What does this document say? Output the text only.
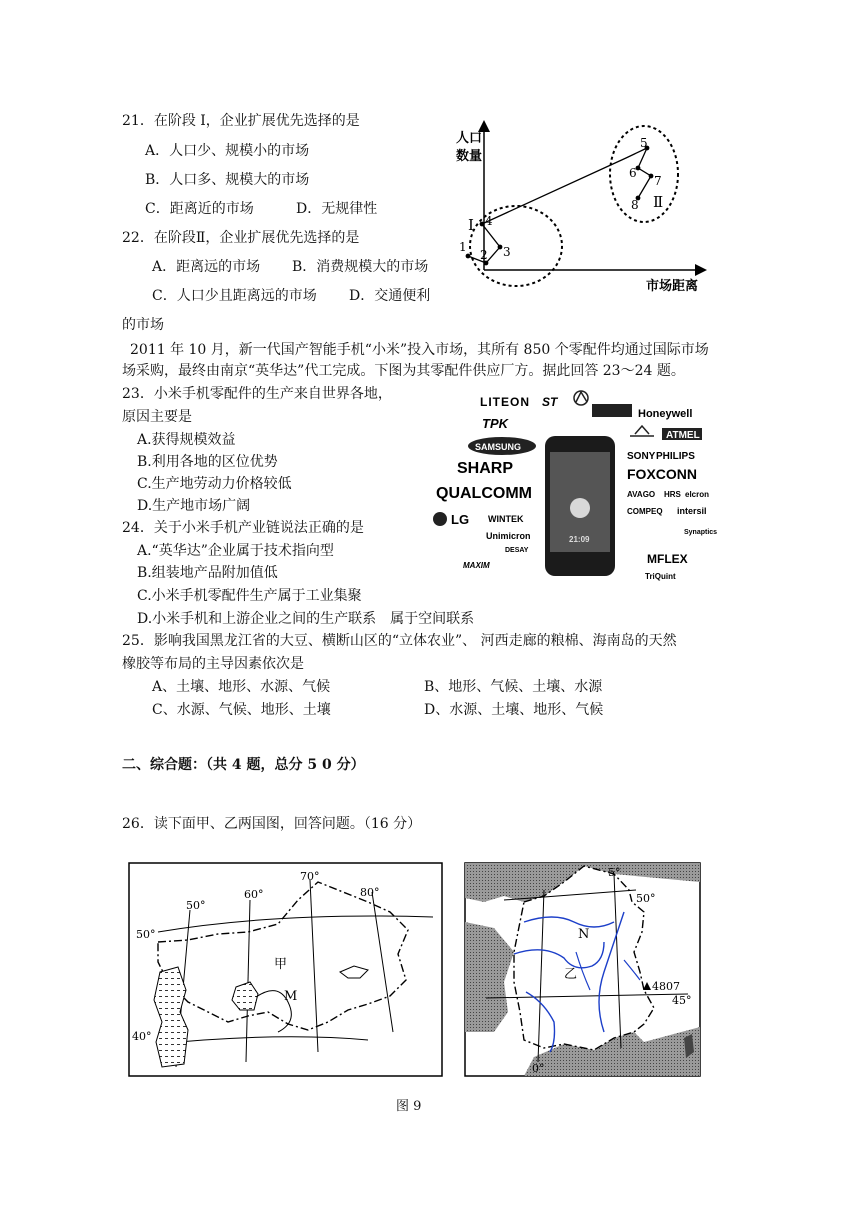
21．在阶段 I，企业扩展优先选择的是
A．人口少、规模小的市场
B．人口多、规模大的市场
C．距离近的市场	D．无规律性
22．在阶段Ⅱ，企业扩展优先选择的是
A．距离远的市场 B．消费规模大的市场
C．人口少且距离远的市场 D．交通便利
的市场
人口
数量
市场距离
1
2 3
4
5
6
7
8
I
Ⅱ
2011 年 10 月，新一代国产智能手机“小米”投入市场，其所有 850 个零配件均通过国际市场
场采购，最终由南京“英华达”代工完成。下图为其零配件供应厂方。据此回答 23～24 题。
23．小米手机零配件的生产来自世界各地，
原因主要是
A.获得规模效益
B.利用各地的区位优势
C.生产地劳动力价格较低
D.生产地市场广阔
24．关于小米手机产业链说法正确的是
A.“英华达”企业属于技术指向型
B.组装地产品附加值低
C.小米手机零配件生产属于工业集聚
D.小米手机和上游企业之间的生产联系　属于空间联系
LITEON ST
Honeywell
TPK
ATMEL
SAMSUNG
SONY PHILIPS
SHARP	FOXCONN
QUALCOMM	AVAGO HRS elcron
COMPEQ intersil
21:09
LG WINTEK
Unimicron	Synaptics
DESAY
MAXIM	MFLEX
TriQuint
25．影响我国黑龙江省的大豆、横断山区的“立体农业”、 河西走廊的粮棉、海南岛的天然
橡胶等布局的主导因素依次是
A、土壤、地形、水源、气候	B、地形、气候、土壤、水源
C、水源、气候、地形、土壤	D、水源、土壤、地形、气候
二、综合题：（共 4 题，总分 5 0 分）
26．读下面甲、乙两国图，回答问题。（16 分）
70°
60°	80°
50°
50°
40°
甲
M
5°
50°
N
乙
4807
45°
0°
图 9
